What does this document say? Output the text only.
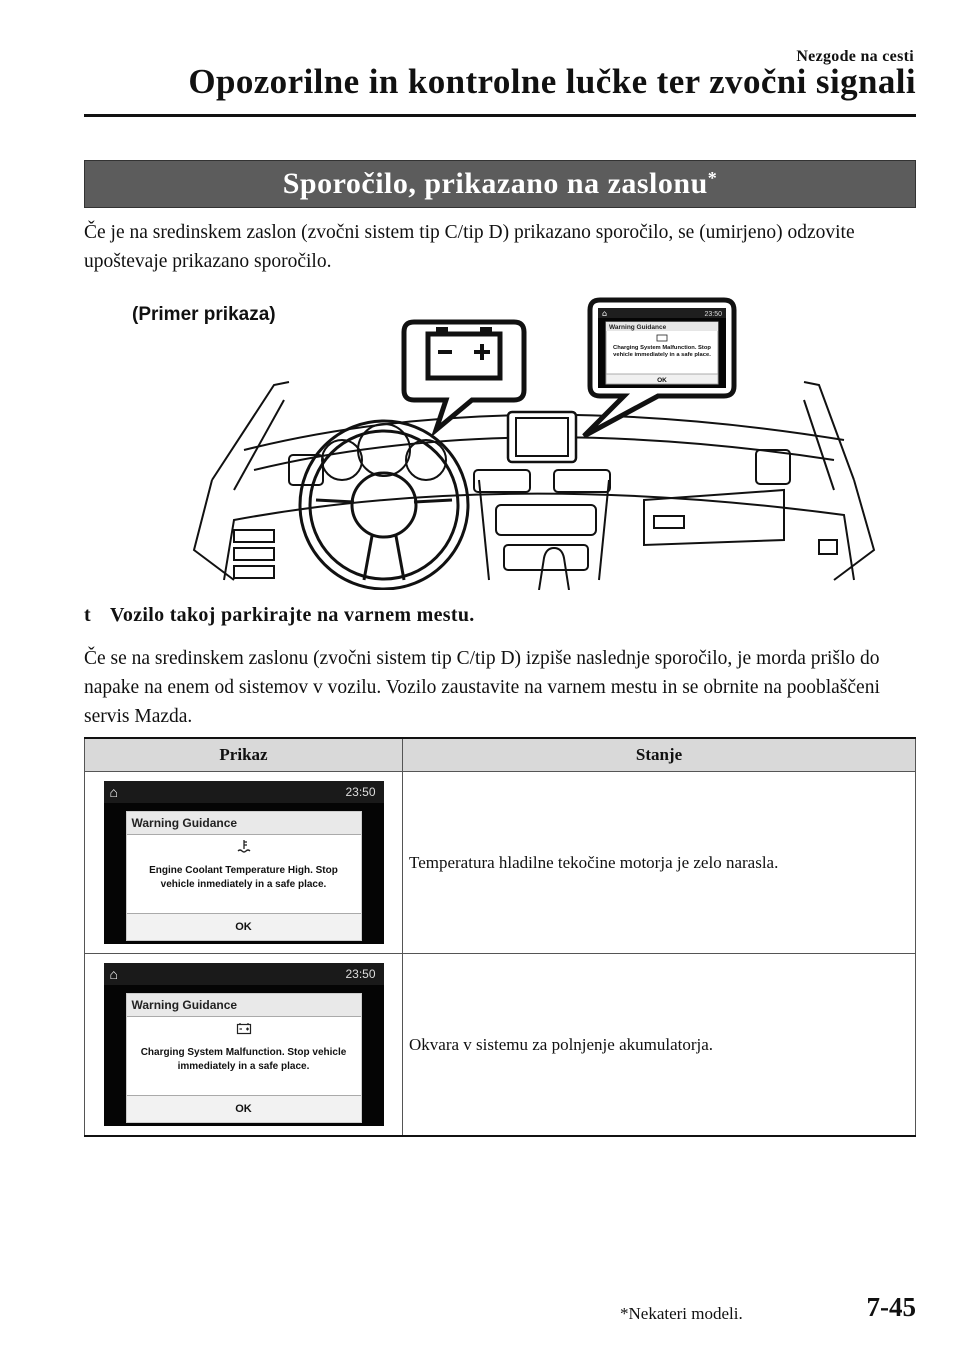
Nezgode na cesti
Opozorilne in kontrolne lučke ter zvočni signali
Sporočilo, prikazano na zaslonu*
Če je na sredinskem zaslon (zvočni sistem tip C/tip D) prikazano sporočilo, se (umirjeno) odzovite upoštevaje prikazano sporočilo.
(Primer prikaza)	⌂	23:50
Warning Guidance
Charging System Malfunction. Stop vehicle immediately in a safe place.
OK
t Vozilo takoj parkirajte na varnem mestu.
Če se na sredinskem zaslonu (zvočni sistem tip C/tip D) izpiše naslednje sporočilo, je morda prišlo do napake na enem od sistemov v vozilu. Vozilo zaustavite na varnem mestu in se obrnite na pooblaščeni servis Mazda.
Prikaz	Stanje

⌂ 23:50
Warning Guidance
Engine Coolant Temperature High. Stop vehicle inmediately in a safe place.
OK	Temperatura hladilne tekočine motorja je zelo narasla.

⌂ 23:50
Warning Guidance
Charging System Malfunction. Stop vehicle immediately in a safe place.
OK	Okvara v sistemu za polnjenje akumulatorja.
*Nekateri modeli.	7-45
